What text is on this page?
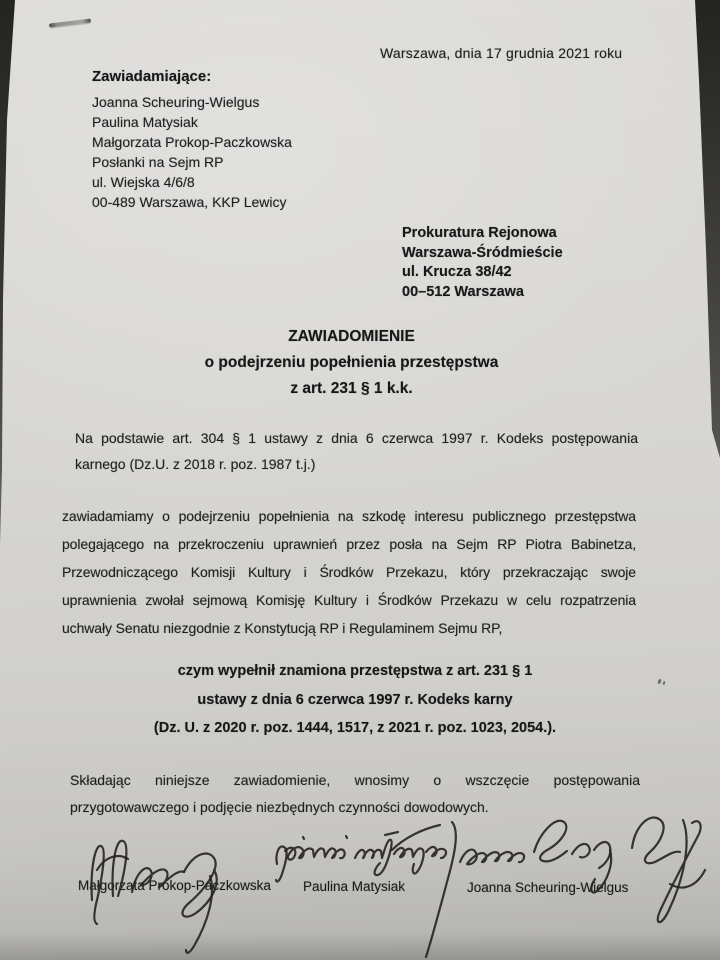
Warszawa, dnia 17 grudnia 2021 roku
Zawiadamiające:
Joanna Scheuring-Wielgus
Paulina Matysiak
Małgorzata Prokop-Paczkowska
Posłanki na Sejm RP
ul. Wiejska 4/6/8
00-489 Warszawa, KKP Lewicy
Prokuratura Rejonowa
Warszawa-Śródmieście
ul. Krucza 38/42
00–512 Warszawa
ZAWIADOMIENIE
o podejrzeniu popełnienia przestępstwa
z art. 231 § 1 k.k.
Na podstawie art. 304 § 1 ustawy z dnia 6 czerwca 1997 r. Kodeks postępowania
karnego (Dz.U. z 2018 r. poz. 1987 t.j.)
zawiadamiamy o podejrzeniu popełnienia na szkodę interesu publicznego przestępstwa
polegającego na przekroczeniu uprawnień przez posła na Sejm RP Piotra Babinetza,
Przewodniczącego Komisji Kultury i Środków Przekazu, który przekraczając swoje
uprawnienia zwołał sejmową Komisję Kultury i Środków Przekazu w celu rozpatrzenia
uchwały Senatu niezgodnie z Konstytucją RP i Regulaminem Sejmu RP,
czym wypełnił znamiona przestępstwa z art. 231 § 1
ustawy z dnia 6 czerwca 1997 r. Kodeks karny
(Dz. U. z 2020 r. poz. 1444, 1517, z 2021 r. poz. 1023, 2054.).
Składając niniejsze zawiadomienie, wnosimy o wszczęcie postępowania
przygotowawczego i podjęcie niezbędnych czynności dowodowych.
Małgorzata Prokop-Paczkowska Paulina Matysiak	Joanna Scheuring-Wielgus
